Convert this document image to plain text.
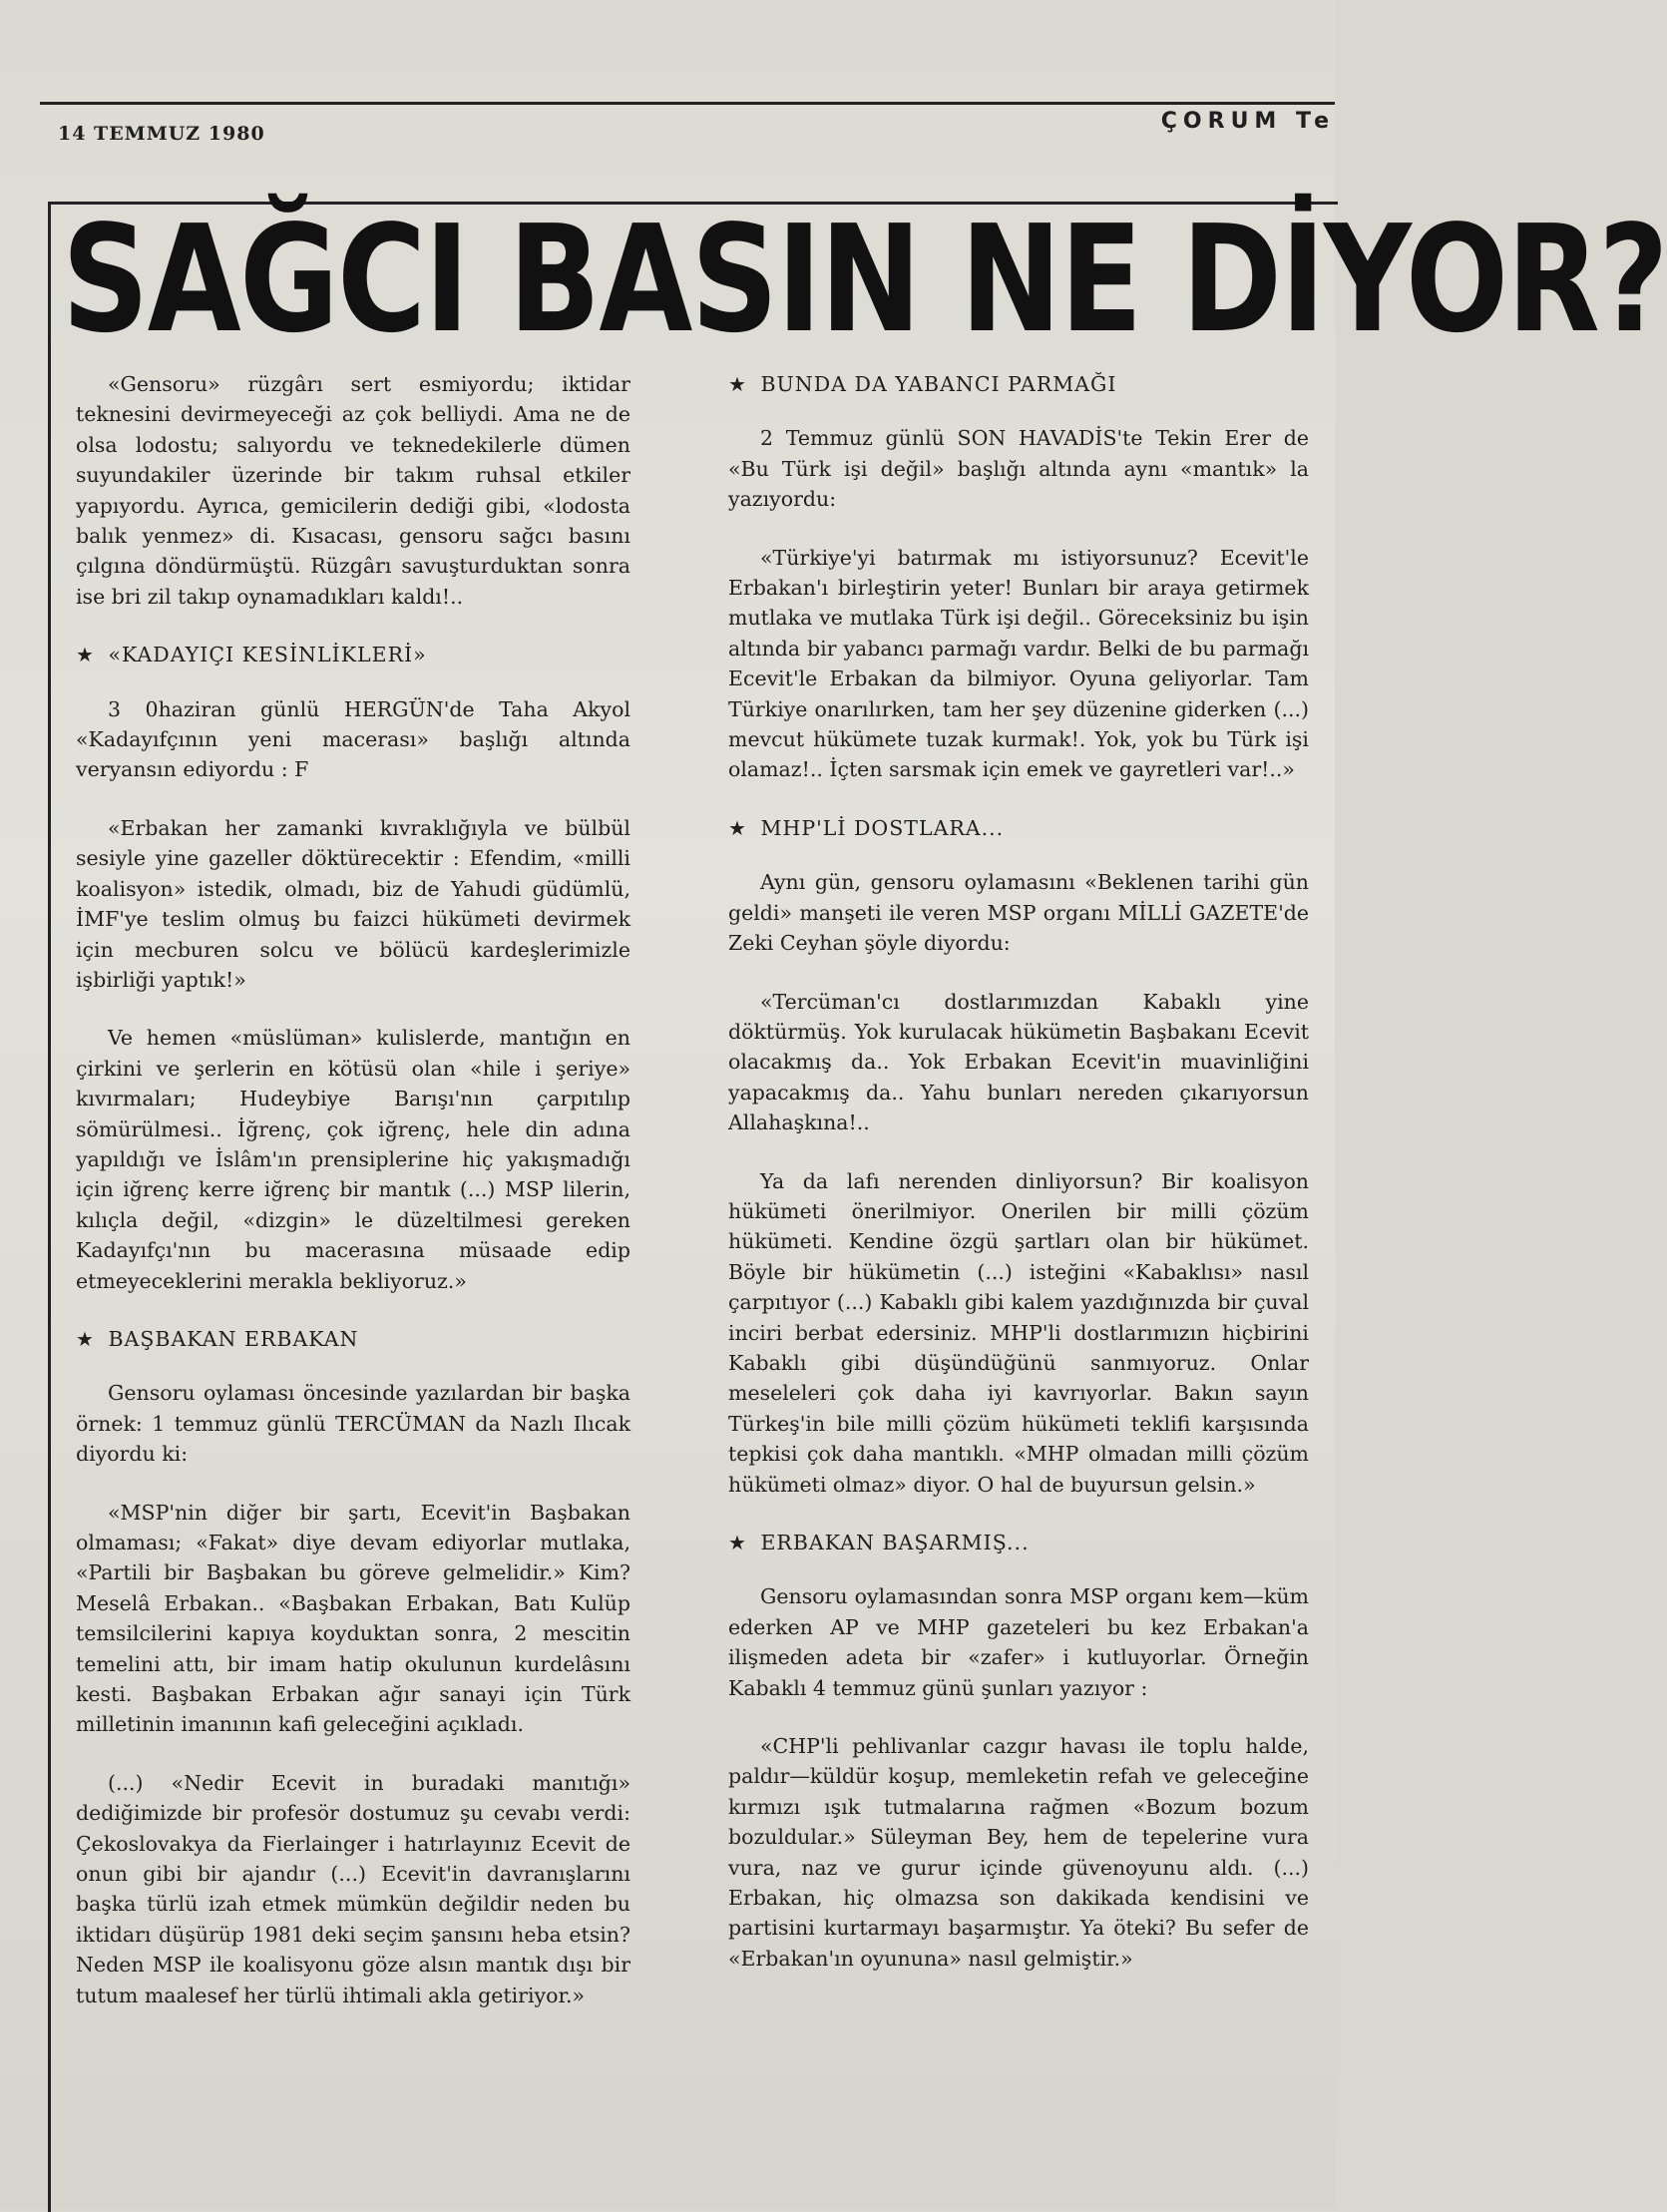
14 TEMMUZ 1980	ÇORUM Te
SAĞCI BASIN NE DİYOR?

«Gensoru» rüzgârı sert esmiyordu; iktidar teknesini devirmeyeceği az çok belliydi. Ama ne de olsa lodostu; salıyordu ve teknedekilerle dümen suyundakiler üzerinde bir takım ruhsal etkiler yapıyordu. Ayrıca, gemicilerin dediği gibi, «lodosta balık yenmez» di. Kısacası, gensoru sağcı basını çılgına döndürmüştü. Rüzgârı savuşturduktan sonra ise bri zil takıp oynamadıkları kaldı!..

★ «KADAYIÇI KESİNLİKLERİ»

3 0haziran günlü HERGÜN'de Taha Akyol «Kadayıfçının yeni macerası» başlığı altında veryansın ediyordu : F

«Erbakan her zamanki kıvraklığıyla ve bülbül sesiyle yine gazeller döktürecektir : Efendim, «milli koalisyon» istedik, olmadı, biz de Yahudi güdümlü, İMF'ye teslim olmuş bu faizci hükümeti devirmek için mecburen solcu ve bölücü kardeşlerimizle işbirliği yaptık!»

Ve hemen «müslüman» kulislerde, mantığın en çirkini ve şerlerin en kötüsü olan «hile i şeriye» kıvırmaları; Hudeybiye Barışı'nın çarpıtılıp sömürülmesi.. İğrenç, çok iğrenç, hele din adına yapıldığı ve İslâm'ın prensiplerine hiç yakışmadığı için iğrenç kerre iğrenç bir mantık (...) MSP lilerin, kılıçla değil, «dizgin» le düzeltilmesi gereken Kadayıfçı'nın bu macerasına müsaade edip etmeyeceklerini merakla bekliyoruz.»

★ BAŞBAKAN ERBAKAN

Gensoru oylaması öncesinde yazılardan bir başka örnek: 1 temmuz günlü TERCÜMAN da Nazlı Ilıcak diyordu ki:

«MSP'nin diğer bir şartı, Ecevit'in Başbakan olmaması; «Fakat» diye devam ediyorlar mutlaka, «Partili bir Başbakan bu göreve gelmelidir.» Kim? Meselâ Erbakan.. «Başbakan Erbakan, Batı Kulüp temsilcilerini kapıya koyduktan sonra, 2 mescitin temelini attı, bir imam hatip okulunun kurdelâsını kesti. Başbakan Erbakan ağır sanayi için Türk milletinin imanının kafi geleceğini açıkladı.

(...) «Nedir Ecevit in buradaki manıtığı» dediğimizde bir profesör dostumuz şu cevabı verdi: Çekoslovakya da Fierlainger i hatırlayınız Ecevit de onun gibi bir ajandır (...) Ecevit'in davranışlarını başka türlü izah etmek mümkün değildir neden bu iktidarı düşürüp 1981 deki seçim şansını heba etsin? Neden MSP ile koalisyonu göze alsın mantık dışı bir tutum maalesef her türlü ihtimali akla getiriyor.»

★ BUNDA DA YABANCI PARMAĞI

2 Temmuz günlü SON HAVADİS'te Tekin Erer de «Bu Türk işi değil» başlığı altında aynı «mantık» la yazıyordu:

«Türkiye'yi batırmak mı istiyorsunuz? Ecevit'le Erbakan'ı birleştirin yeter! Bunları bir araya getirmek mutlaka ve mutlaka Türk işi değil.. Göreceksiniz bu işin altında bir yabancı parmağı vardır. Belki de bu parmağı Ecevit'le Erbakan da bilmiyor. Oyuna geliyorlar. Tam Türkiye onarılırken, tam her şey düzenine giderken (...) mevcut hükümete tuzak kurmak!. Yok, yok bu Türk işi olamaz!.. İçten sarsmak için emek ve gayretleri var!..»

★ MHP'Lİ DOSTLARA...

Aynı gün, gensoru oylamasını «Beklenen tarihi gün geldi» manşeti ile veren MSP organı MİLLİ GAZETE'de Zeki Ceyhan şöyle diyordu:

«Tercüman'cı dostlarımızdan Kabaklı yine döktürmüş. Yok kurulacak hükümetin Başbakanı Ecevit olacakmış da.. Yok Erbakan Ecevit'in muavinliğini yapacakmış da.. Yahu bunları nereden çıkarıyorsun Allahaşkına!..

Ya da lafı nerenden dinliyorsun? Bir koalisyon hükümeti önerilmiyor. Onerilen bir milli çözüm hükümeti. Kendine özgü şartları olan bir hükümet. Böyle bir hükümetin (...) isteğini «Kabaklısı» nasıl çarpıtıyor (...) Kabaklı gibi kalem yazdığınızda bir çuval inciri berbat edersiniz. MHP'li dostlarımızın hiçbirini Kabaklı gibi düşündüğünü sanmıyoruz. Onlar meseleleri çok daha iyi kavrıyorlar. Bakın sayın Türkeş'in bile milli çözüm hükümeti teklifi karşısında tepkisi çok daha mantıklı. «MHP olmadan milli çözüm hükümeti olmaz» diyor. O hal de buyursun gelsin.»

★ ERBAKAN BAŞARMIŞ...

Gensoru oylamasından sonra MSP organı kem—küm ederken AP ve MHP gazeteleri bu kez Erbakan'a ilişmeden adeta bir «zafer» i kutluyorlar. Örneğin Kabaklı 4 temmuz günü şunları yazıyor :

«CHP'li pehlivanlar cazgır havası ile toplu halde, paldır—küldür koşup, memleketin refah ve geleceğine kırmızı ışık tutmalarına rağmen «Bozum bozum bozuldular.» Süleyman Bey, hem de tepelerine vura vura, naz ve gurur içinde güvenoyunu aldı. (...) Erbakan, hiç olmazsa son dakikada kendisini ve partisini kurtarmayı başarmıştır. Ya öteki? Bu sefer de «Erbakan'ın oyununa» nasıl gelmiştir.»
